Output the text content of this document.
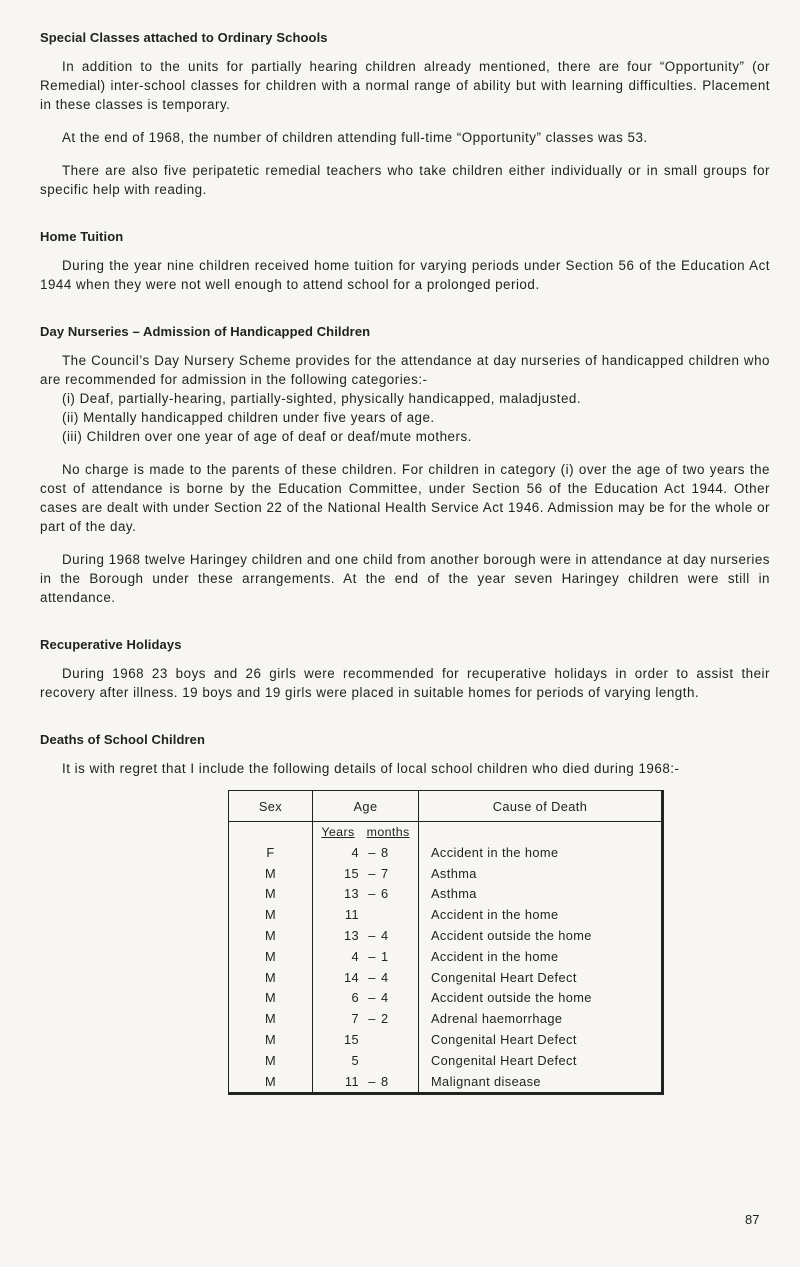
Special Classes attached to Ordinary Schools

In addition to the units for partially hearing children already mentioned, there are four “Opportunity” (or Remedial) inter-school classes for children with a normal range of ability but with learning difficulties. Placement in these classes is temporary.

At the end of 1968, the number of children attending full-time “Opportunity” classes was 53.

There are also five peripatetic remedial teachers who take children either individually or in small groups for specific help with reading.

Home Tuition

During the year nine children received home tuition for varying periods under Section 56 of the Education Act 1944 when they were not well enough to attend school for a prolonged period.

Day Nurseries – Admission of Handicapped Children

The Council’s Day Nursery Scheme provides for the attendance at day nurseries of handicapped children who are recommended for admission in the following categories:-

(i) Deaf, partially-hearing, partially-sighted, physically handicapped, maladjusted.
(ii) Mentally handicapped children under five years of age.
(iii) Children over one year of age of deaf or deaf/mute mothers.

No charge is made to the parents of these children. For children in category (i) over the age of two years the cost of attendance is borne by the Education Committee, under Section 56 of the Education Act 1944. Other cases are dealt with under Section 22 of the National Health Service Act 1946. Admission may be for the whole or part of the day.

During 1968 twelve Haringey children and one child from another borough were in attendance at day nurseries in the Borough under these arrangements. At the end of the year seven Haringey children were still in attendance.

Recuperative Holidays

During 1968 23 boys and 26 girls were recommended for recuperative holidays in order to assist their recovery after illness. 19 boys and 19 girls were placed in suitable homes for periods of varying length.

Deaths of School Children

It is with regret that I include the following details of local school children who died during 1968:-

Sex	Age	Cause of Death

	Years months	

F	4 – 8	Accident in the home
M	15 – 7	Asthma
M	13 – 6	Asthma
M	11	Accident in the home
M	13 – 4	Accident outside the home
M	4 – 1	Accident in the home
M	14 – 4	Congenital Heart Defect
M	6 – 4	Accident outside the home
M	7 – 2	Adrenal haemorrhage
M	15	Congenital Heart Defect
M	5	Congenital Heart Defect
M	11 – 8	Malignant disease
87
